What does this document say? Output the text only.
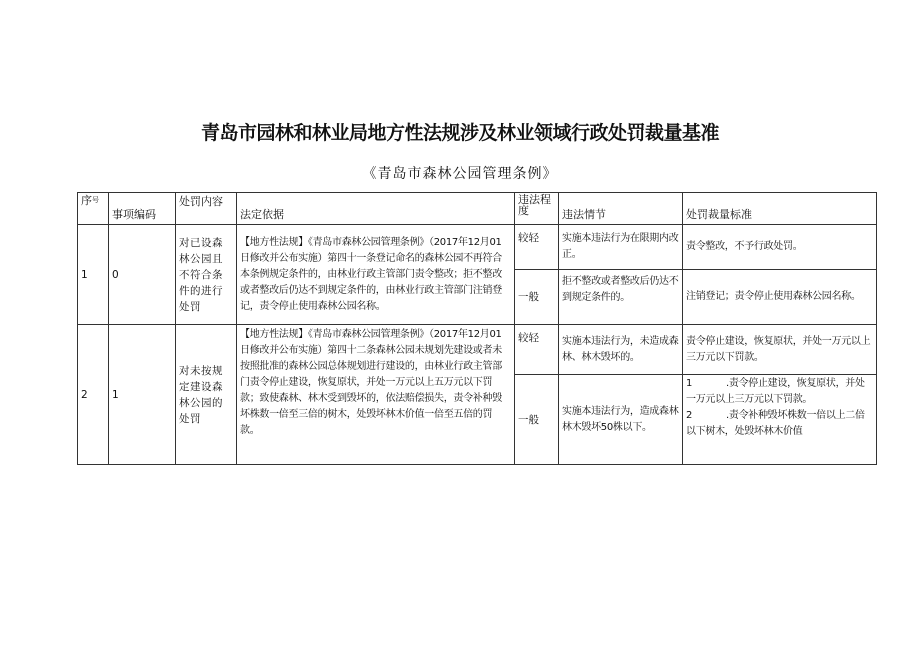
青岛市园林和林业局地方性法规涉及林业领域行政处罚裁量基准
《青岛市森林公园管理条例》
序$^号$	事项编码	处罚内容	法定依据	违法程度	违法情节	处罚裁量标准
1	0	对已设森林公园且不符合条件的进行处罚	【地方性法规】《青岛市森林公园管理条例》（2017年12月01日修改并公布实施）第四十一条登记命名的森林公园不再符合本条例规定条件的，由林业行政主管部门责令整改；拒不整改或者整改后仍达不到规定条件的，由林业行政主管部门注销登记，责令停止使用森林公园名称。	较轻	实施本违法行为在限期内改正。	责令整改，不予行政处罚。
				一般	拒不整改或者整改后仍达不到规定条件的。	注销登记；责令停止使用森林公园名称。
2	1	对未按规定建设森林公园的处罚	【地方性法规】《青岛市森林公园管理条例》（2017年12月01日修改并公布实施）第四十二条森林公园未规划先建设或者未按照批准的森林公园总体规划进行建设的，由林业行政主管部门责令停止建设，恢复原状，并处一万元以上五万元以下罚款；致使森林、林木受到毁坏的，依法赔偿损失，责令补种毁坏株数一倍至三倍的树木，处毁坏林木价值一倍至五倍的罚款。	较轻	实施本违法行为，未造成森林、林木毁坏的。	责令停止建设，恢复原状，并处一万元以上三万元以下罚款。
				一般	实施本违法行为，造成森林林木毁坏50株以下。	1 .责令停止建设，恢复原状，并处一万元以上三万元以下罚款。
2 .责令补种毁坏株数一倍以上二倍以下树木，处毁坏林木价值
